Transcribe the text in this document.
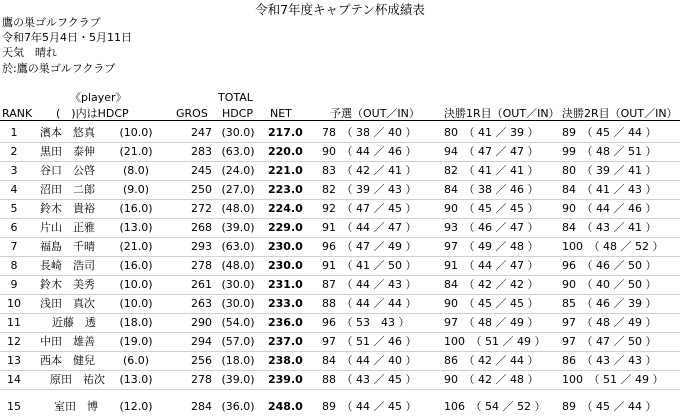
令和7年度キャプテン杯成績表
鷹の巣ゴルフクラブ
令和7年5月4日・5月11日
天気　晴れ
於:鷹の巣ゴルフクラブ
《player》	TOTAL
RANK (　)内はHDCP	GROS HDCP NET	予選（OUT／IN） 決勝1R目（OUT／IN） 決勝2R目（OUT／IN）
1	濱本　悠真	(10.0)	247 (30.0)	217.0 78　（ 38 ／ 40 ）	80　（ 41 ／ 39 ）	89　（ 45 ／ 44 ）
2	黒田　泰伸	(21.0)	283 (63.0)	220.0 90　（ 44 ／ 46 ）	94　（ 47 ／ 47 ）	99　（ 48 ／ 51 ）
3	谷口　公啓	(8.0)	245 (24.0)	221.0 83　（ 42 ／ 41 ）	82　（ 41 ／ 41 ）	80　（ 39 ／ 41 ）
4	沼田　二郎	(9.0)	250 (27.0)	223.0 82　（ 39 ／ 43 ）	84　（ 38 ／ 46 ）	84　（ 41 ／ 43 ）
5	鈴木　貴裕	(16.0)	272 (48.0)	224.0 92　（ 47 ／ 45 ）	90　（ 45 ／ 45 ）	90　（ 44 ／ 46 ）
6	片山　正雅	(13.0)	268 (39.0)	229.0 91　（ 44 ／ 47 ）	93　（ 46 ／ 47 ）	84　（ 43 ／ 41 ）
7	福島　千晴	(21.0)	293 (63.0)	230.0 96　（ 47 ／ 49 ）	97　（ 49 ／ 48 ）	100　（ 48 ／ 52 ）
8	長崎　浩司	(16.0)	278 (48.0)	230.0 91　（ 41 ／ 50 ）	91　（ 44 ／ 47 ）	96　（ 46 ／ 50 ）
9	鈴木　美秀	(10.0)	261 (30.0)	231.0 87　（ 44 ／ 43 ）	84　（ 42 ／ 42 ）	90　（ 40 ／ 50 ）
10	浅田　真次	(10.0)	263 (30.0)	233.0 88　（ 44 ／ 44 ）	90　（ 45 ／ 45 ）	85　（ 46 ／ 39 ）
11	近藤　透	(18.0)	290 (54.0)	236.0 96　（ 53　43 ）	97　（ 48 ／ 49 ）	97　（ 48 ／ 49 ）
12	中田　雄善	(19.0)	294 (57.0)	237.0 97　（ 51 ／ 46 ）	100　（ 51 ／ 49 ）	97　（ 47 ／ 50 ）
13	西本　健兒	(6.0)	256 (18.0)	238.0 84　（ 44 ／ 40 ）	86　（ 42 ／ 44 ）	86　（ 43 ／ 43 ）
14	原田　祐次	(13.0)	278 (39.0)	239.0 88　（ 43 ／ 45 ）	90　（ 42 ／ 48 ）	100　（ 51 ／ 49 ）
15	室田　博	(12.0)	284 (36.0)	248.0 89　（ 44 ／ 45 ）	106　（ 54 ／ 52 ）	89　（ 45 ／ 44 ）
